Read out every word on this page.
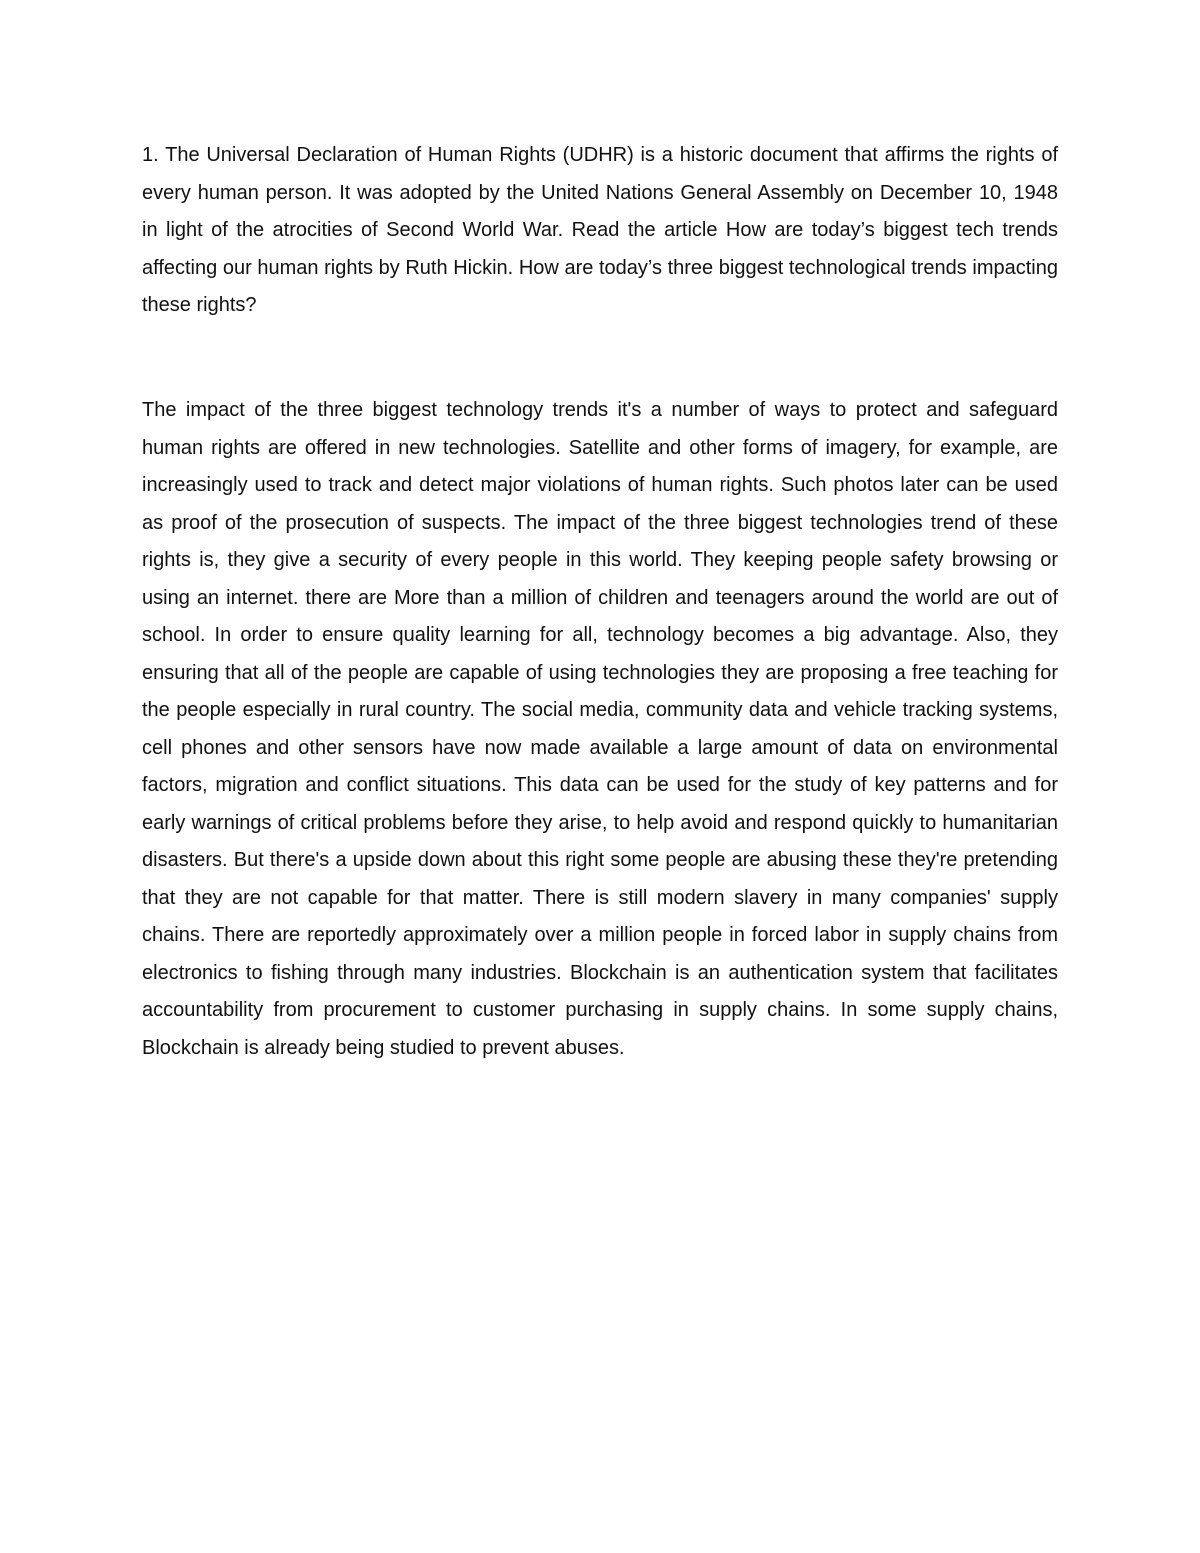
1. The Universal Declaration of Human Rights (UDHR) is a historic document that affirms the rights of every human person. It was adopted by the United Nations General Assembly on December 10, 1948 in light of the atrocities of Second World War. Read the article How are today’s biggest tech trends affecting our human rights by Ruth Hickin. How are today’s three biggest technological trends impacting these rights?

The impact of the three biggest technology trends it's a number of ways to protect and safeguard human rights are offered in new technologies. Satellite and other forms of imagery, for example, are increasingly used to track and detect major violations of human rights. Such photos later can be used as proof of the prosecution of suspects. The impact of the three biggest technologies trend of these rights is, they give a security of every people in this world. They keeping people safety browsing or using an internet. there are More than a million of children and teenagers around the world are out of school. In order to ensure quality learning for all, technology becomes a big advantage. Also, they ensuring that all of the people are capable of using technologies they are proposing a free teaching for the people especially in rural country. The social media, community data and vehicle tracking systems, cell phones and other sensors have now made available a large amount of data on environmental factors, migration and conflict situations. This data can be used for the study of key patterns and for early warnings of critical problems before they arise, to help avoid and respond quickly to humanitarian disasters. But there's a upside down about this right some people are abusing these they're pretending that they are not capable for that matter. There is still modern slavery in many companies' supply chains. There are reportedly approximately over a million people in forced labor in supply chains from electronics to fishing through many industries. Blockchain is an authentication system that facilitates accountability from procurement to customer purchasing in supply chains. In some supply chains, Blockchain is already being studied to prevent abuses.
